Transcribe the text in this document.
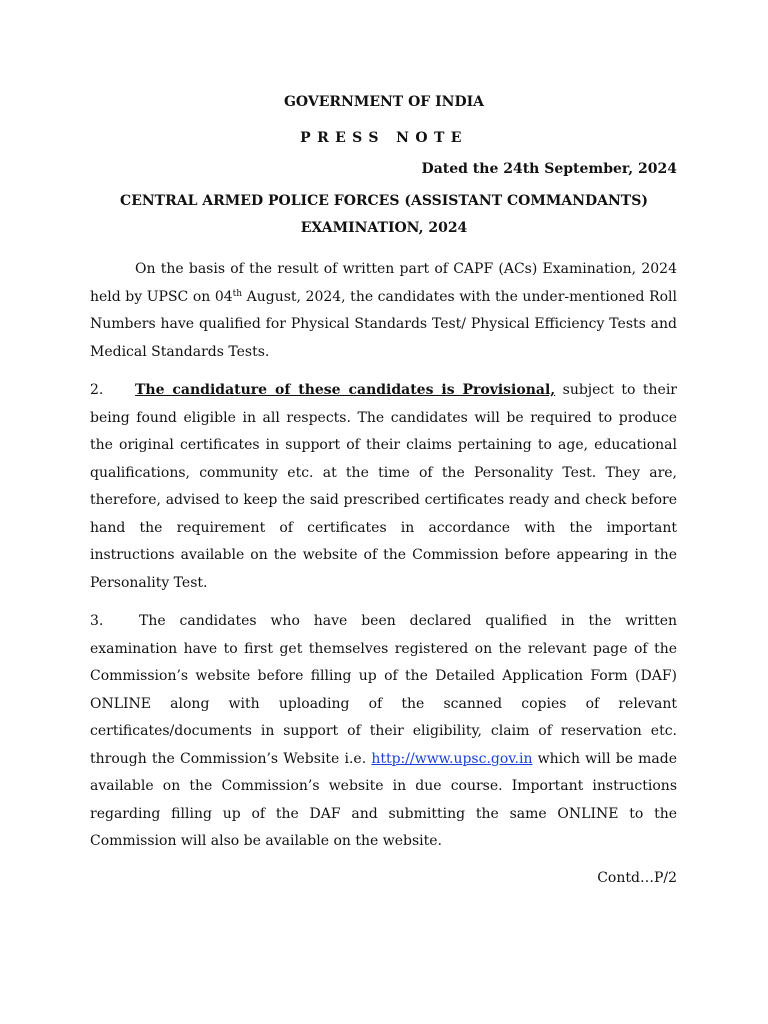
GOVERNMENT OF INDIA

PRESS NOTE

Dated the 24th September, 2024

CENTRAL ARMED POLICE FORCES (ASSISTANT COMMANDANTS)

EXAMINATION, 2024

On the basis of the result of written part of CAPF (ACs) Examination, 2024 held by UPSC on 04th August, 2024, the candidates with the under-mentioned Roll Numbers have qualified for Physical Standards Test/ Physical Efficiency Tests and Medical Standards Tests.

2. The candidature of these candidates is Provisional, subject to their being found eligible in all respects. The candidates will be required to produce the original certificates in support of their claims pertaining to age, educational qualifications, community etc. at the time of the Personality Test. They are, therefore, advised to keep the said prescribed certificates ready and check before hand the requirement of certificates in accordance with the important instructions available on the website of the Commission before appearing in the Personality Test.

3.	The candidates who have been declared qualified in the written examination have to first get themselves registered on the relevant page of the Commission’s website before filling up of the Detailed Application Form (DAF) ONLINE along with uploading of the scanned copies of relevant certificates/documents in support of their eligibility, claim of reservation etc. through the Commission’s Website i.e. http://www.upsc.gov.in which will be made available on the Commission’s website in due course. Important instructions regarding filling up of the DAF and submitting the same ONLINE to the Commission will also be available on the website.

Contd…P/2
